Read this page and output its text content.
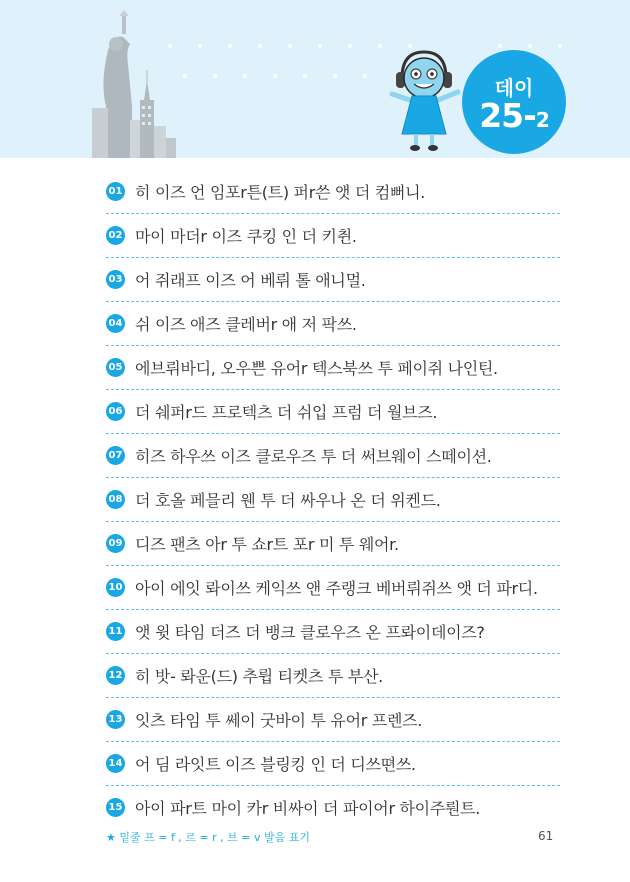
데이
25-2
01 히 이즈 언 임포r튼(트) 퍼r쓴 앳 더 컴뻐니.
02 마이 마더r 이즈 쿠킹 인 더 키췬.
03 어 쥐래프 이즈 어 베뤼 톨 애니멀.
04 쉬 이즈 애즈 클레버r 애 저 팍쓰.
05 에브뤼바디, 오우쁜 유어r 텍스북쓰 투 페이쥐 나인틴.
06 더 쉐퍼r드 프로텍츠 더 쉬입 프럼 더 월브즈.
07 히즈 하우쓰 이즈 클로우즈 투 더 써브웨이 스떼이션.
08 더 호올 페믈리 웬 투 더 싸우나 온 더 위켄드.
09 디즈 팬츠 아r 투 쇼r트 포r 미 투 웨어r.
10 아이 에잇 롸이쓰 케익쓰 앤 주랭크 베버뤼쥐쓰 앳 더 파r디.
11 앳 윗 타임 더즈 더 뱅크 클로우즈 온 프롸이데이즈?
12 히 밧- 롸운(드) 추륍 티켓츠 투 부산.
13 잇츠 타임 투 쎄이 굿바이 투 유어r 프렌즈.
14 어 딤 라잇트 이즈 블링킹 인 더 디쓰뗜쓰.
15 아이 파r트 마이 카r 비싸이 더 파이어r 하이주뤈트.
★ 밑줄 프 = f , 르 = r , 브 = v 발음 표기	61
